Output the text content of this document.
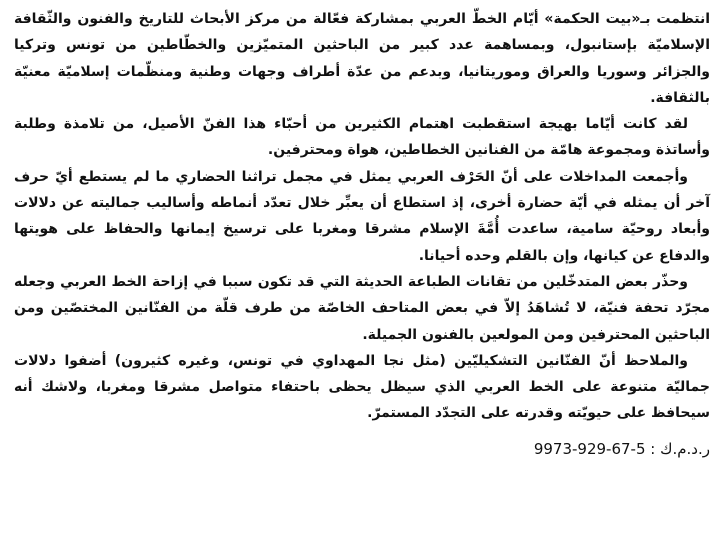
انتظمت بـ«بيت الحكمة» أيّام الخطّ العربي بمشاركة فعّالة من مركز الأبحاث للتاريخ والفنون والثّقافة الإسلاميّة بإستانبول، وبمساهمة عدد كبير من الباحثين المتميّزين والخطّاطين من تونس وتركيا والجزائر وسوريا والعراق وموريتانيا، وبدعم من عدّة أطراف وجهات وطنية ومنظّمات إسلاميّة معنيّة بالثقافة.

لقد كانت أيّاما بهيجة استقطبت اهتمام الكثيرين من أحبّاء هذا الفنّ الأصيل، من تلامذة وطلبة وأساتذة ومجموعة هامّة من الفنانين الخطاطين، هواة ومحترفين.

وأجمعت المداخلات على أنّ الحَرْف العربي يمثل في مجمل تراثنا الحضاري ما لم يستطع أيّ حرف آخر أن يمثله في أيّة حضارة أخرى، إذ استطاع أن يعبِّر خلال تعدّد أنماطه وأساليب جماليته عن دلالات وأبعاد روحيّة سامية، ساعدت أُمَّةَ الإسلام مشرقا ومغربا على ترسيخ إيمانها والحفاظ على هويتها والدفاع عن كيانها، وإن بالقلم وحده أحيانا.

وحذّر بعض المتدخّلين من تقانات الطباعة الحديثة التي قد تكون سببا في إزاحة الخط العربي وجعله مجرّد تحفة فنيّة، لا تُشاهَدُ إلاّ في بعض المتاحف الخاصّة من طرف قلّة من الفنّانين المختصّين ومن الباحثين المحترفين ومن المولعين بالفنون الجميلة.

والملاحظ أنّ الفنّانين التشكيليّين (مثل نجا المهداوي في تونس، وغيره كثيرون) أضفوا دلالات جماليّة متنوعة على الخط العربي الذي سيظل يحظى باحتفاء متواصل مشرقا ومغربا، ولاشك أنه سيحافظ على حيويّته وقدرته على التجدّد المستمرّ.

ر.د.م.ك : 9973-929-67-5
